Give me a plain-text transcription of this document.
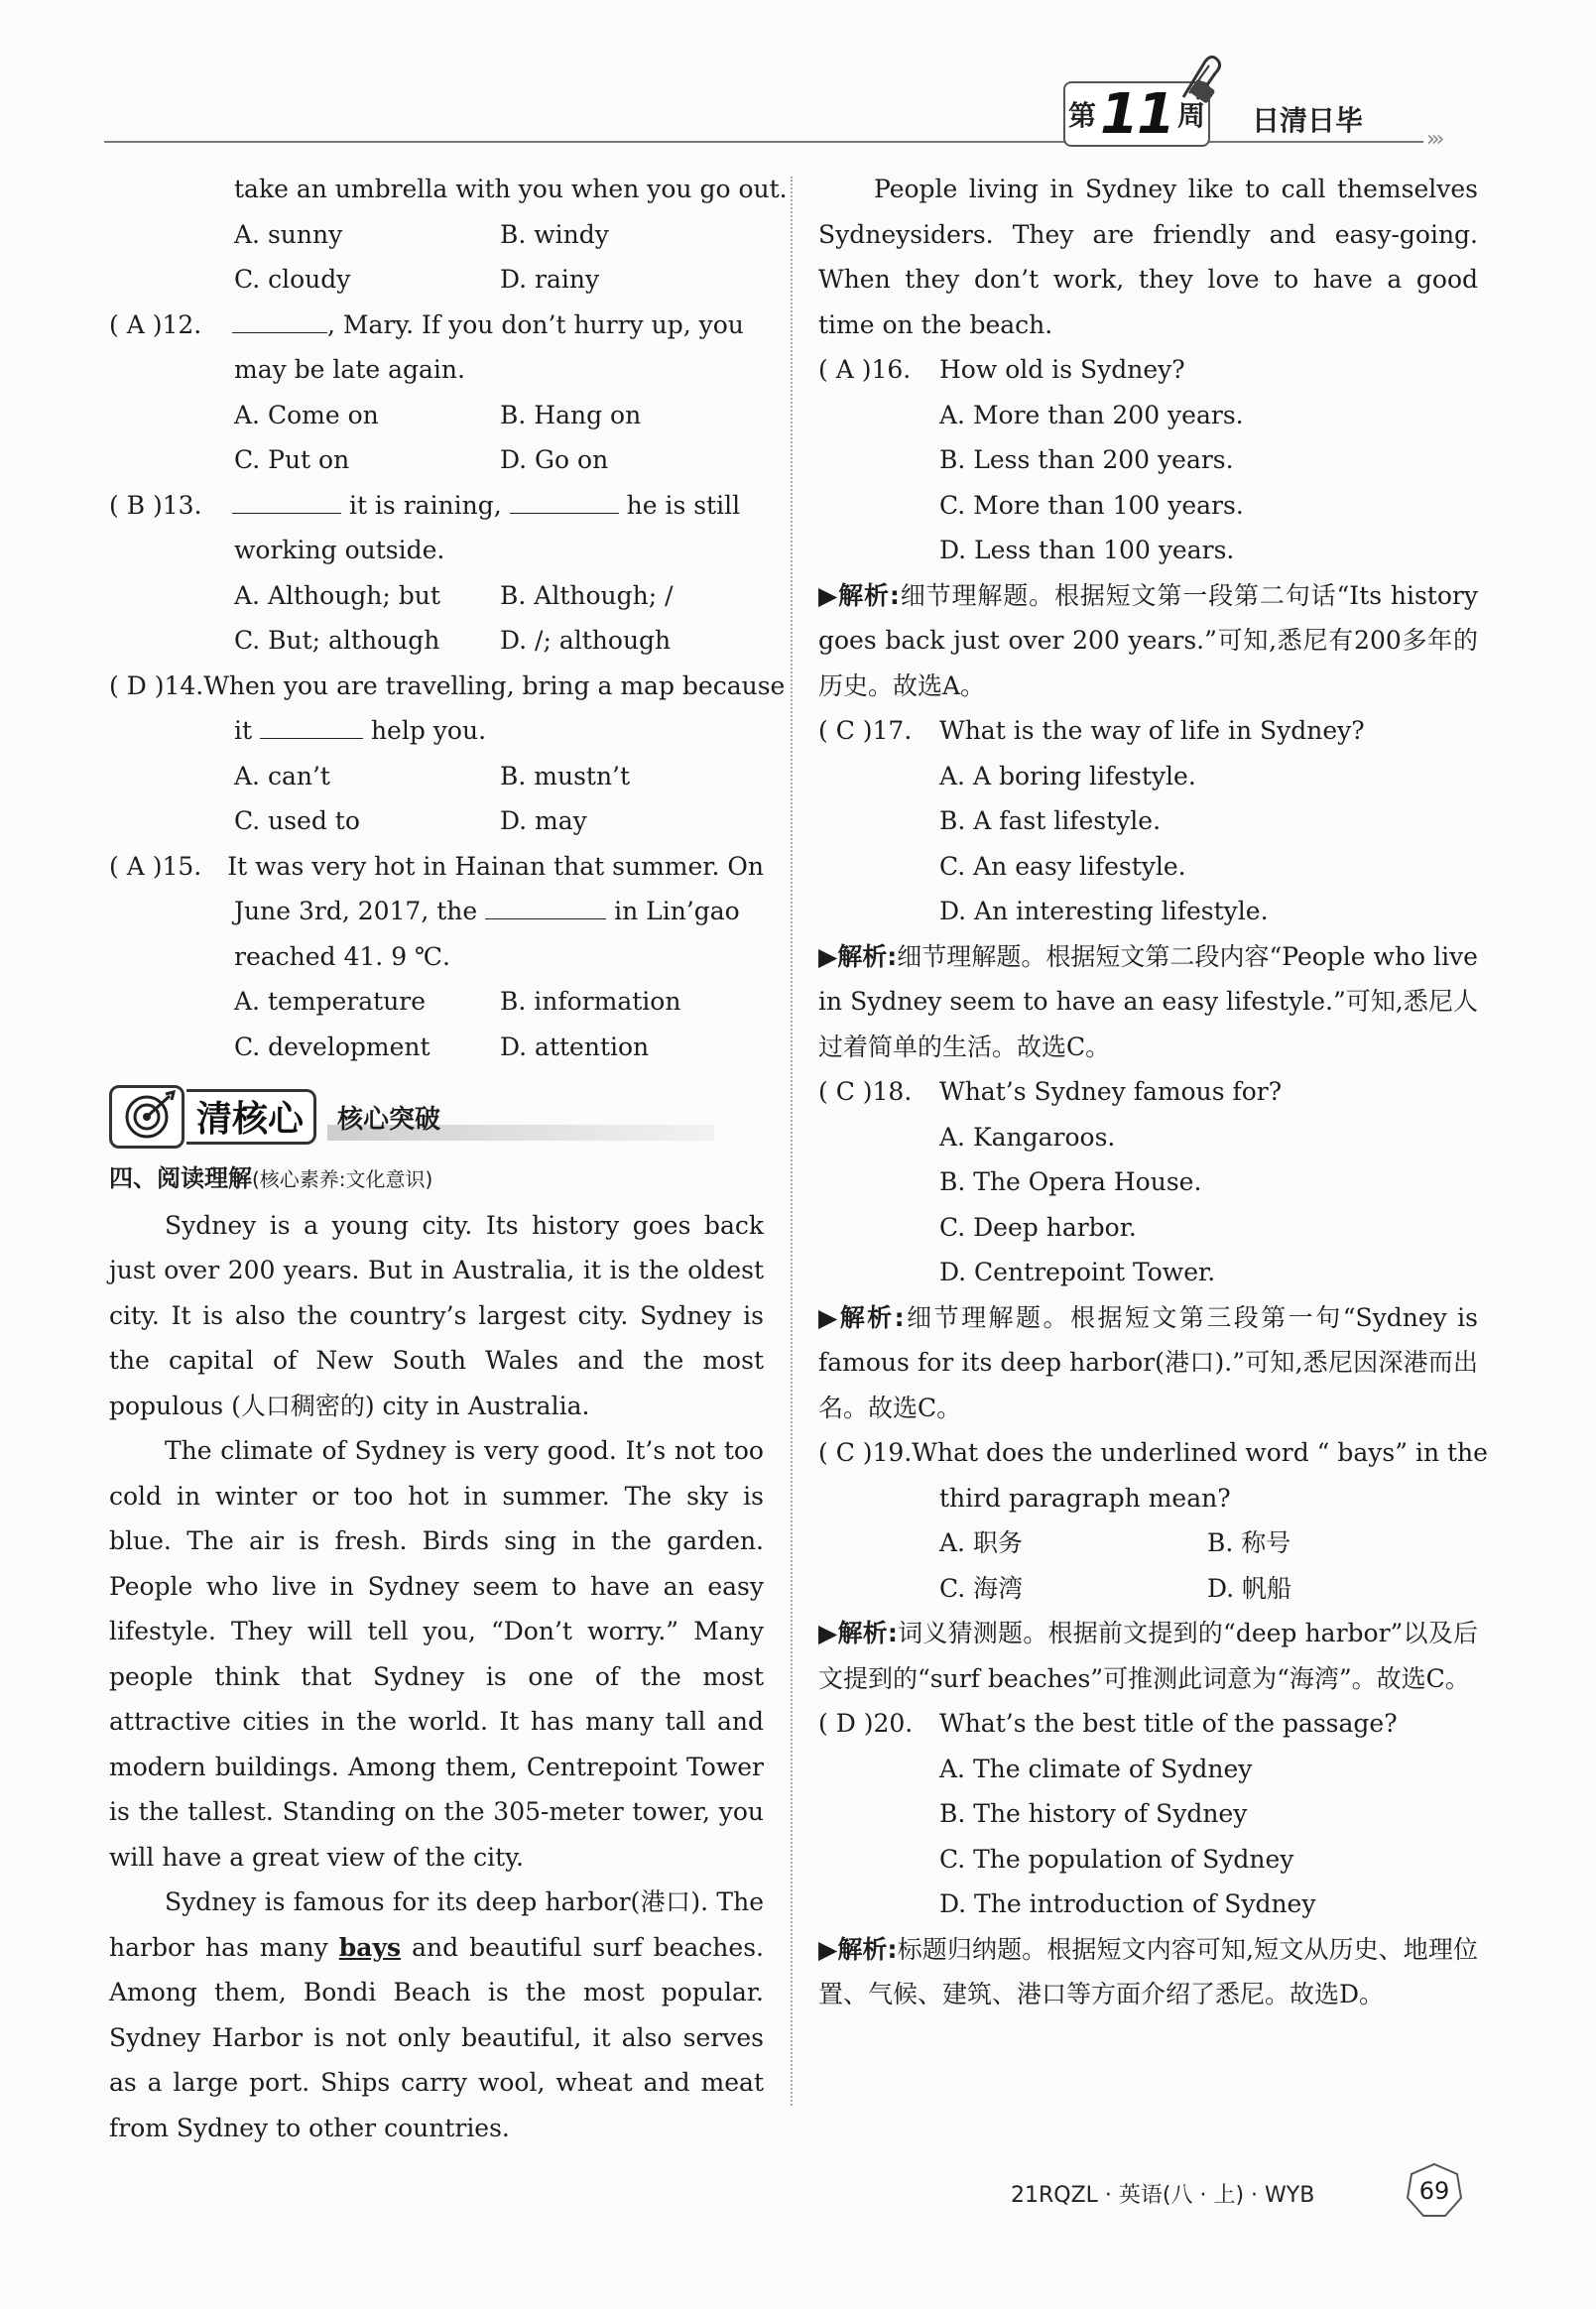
›››
第 11 周 日清日毕
take an umbrella with you when you go out.
A. sunny	B. windy
C. cloudy	D. rainy
( A )12.	, Mary. If you don’t hurry up, you
may be late again.
A. Come on	B. Hang on
C. Put on	D. Go on
( B )13.	it is raining,	he is still
working outside.
A. Although; but	B. Although; /
C. But; although	D. /; although
( D )14. When you are travelling, bring a map because
it	help you.
A. can’t	B. mustn’t
C. used to	D. may
( A )15.	It was very hot in Hainan that summer. On
June 3rd, 2017, the	in Lin’gao
reached 41. 9 ℃.
A. temperature	B. information
C. development	D. attention
清核心	核心突破
四、阅读理解(核心素养:文化意识)
Sydney is a young city. Its history goes back just over 200 years. But in Australia, it is the oldest city. It is also the country’s largest city. Sydney is the capital of New South Wales and the most populous (人口稠密的) city in Australia.
The climate of Sydney is very good. It’s not too cold in winter or too hot in summer. The sky is blue. The air is fresh. Birds sing in the garden. People who live in Sydney seem to have an easy lifestyle. They will tell you, “Don’t worry.” Many people think that Sydney is one of the most attractive cities in the world. It has many tall and modern buildings. Among them, Centrepoint Tower is the tallest. Standing on the 305-meter tower, you will have a great view of the city.
Sydney is famous for its deep harbor(港口). The harbor has many bays and beautiful surf beaches. Among them, Bondi Beach is the most popular. Sydney Harbor is not only beautiful, it also serves as a large port. Ships carry wool, wheat and meat from Sydney to other countries.
People living in Sydney like to call themselves Sydneysiders. They are friendly and easy-going. When they don’t work, they love to have a good time on the beach.
( A )16.	How old is Sydney?
A. More than 200 years.
B. Less than 200 years.
C. More than 100 years.
D. Less than 100 years.
▶解析:细节理解题。根据短文第一段第二句话“Its history goes back just over 200 years.”可知,悉尼有200多年的历史。故选A。
( C )17.	What is the way of life in Sydney?
A. A boring lifestyle.
B. A fast lifestyle.
C. An easy lifestyle.
D. An interesting lifestyle.
▶解析:细节理解题。根据短文第二段内容“People who live in Sydney seem to have an easy lifestyle.”可知,悉尼人过着简单的生活。故选C。
( C )18.	What’s Sydney famous for?
A. Kangaroos.
B. The Opera House.
C. Deep harbor.
D. Centrepoint Tower.
▶解析:细节理解题。根据短文第三段第一句“Sydney is famous for its deep harbor(港口).”可知,悉尼因深港而出名。故选C。
( C )19. What does the underlined word “ bays” in the
third paragraph mean?
A. 职务	B. 称号
C. 海湾	D. 帆船
▶解析:词义猜测题。根据前文提到的“deep harbor”以及后文提到的“surf beaches”可推测此词意为“海湾”。故选C。
( D )20.	What’s the best title of the passage?
A. The climate of Sydney
B. The history of Sydney
C. The population of Sydney
D. The introduction of Sydney
▶解析:标题归纳题。根据短文内容可知,短文从历史、地理位置、气候、建筑、港口等方面介绍了悉尼。故选D。
21RQZL · 英语(八 · 上) · WYB	69
